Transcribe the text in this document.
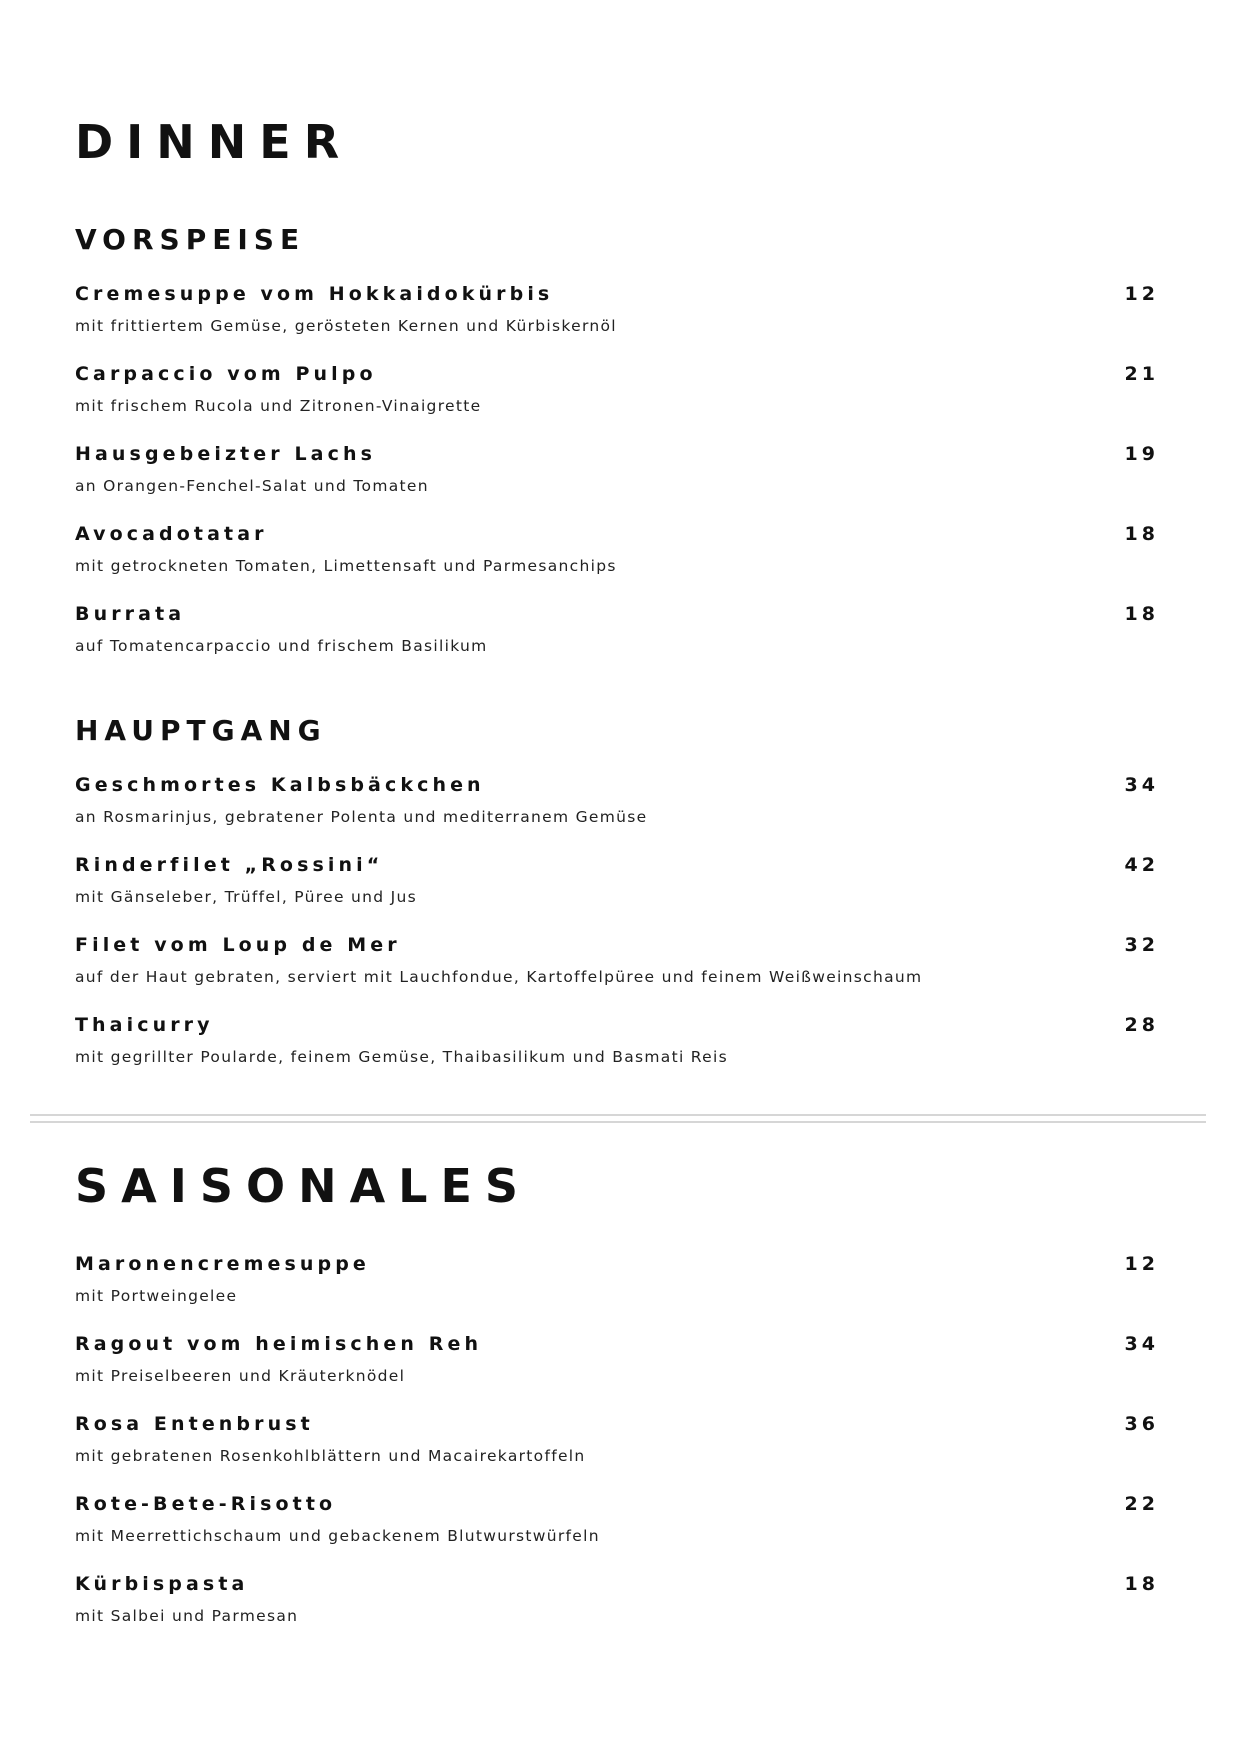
DINNER
VORSPEISE
Cremesuppe vom Hokkaidokürbis	12
mit frittiertem Gemüse, gerösteten Kernen und Kürbiskernöl
Carpaccio vom Pulpo	21
mit frischem Rucola und Zitronen-Vinaigrette
Hausgebeizter Lachs	19
an Orangen-Fenchel-Salat und Tomaten
Avocadotatar	18
mit getrockneten Tomaten, Limettensaft und Parmesanchips
Burrata	18
auf Tomatencarpaccio und frischem Basilikum
HAUPTGANG
Geschmortes Kalbsbäckchen	34
an Rosmarinjus, gebratener Polenta und mediterranem Gemüse
Rinderfilet „Rossini“	42
mit Gänseleber, Trüffel, Püree und Jus
Filet vom Loup de Mer	32
auf der Haut gebraten, serviert mit Lauchfondue, Kartoffelpüree und feinem Weißweinschaum
Thaicurry	28
mit gegrillter Poularde, feinem Gemüse, Thaibasilikum und Basmati Reis
SAISONALES
Maronencremesuppe	12
mit Portweingelee
Ragout vom heimischen Reh	34
mit Preiselbeeren und Kräuterknödel
Rosa Entenbrust	36
mit gebratenen Rosenkohlblättern und Macairekartoffeln
Rote-Bete-Risotto	22
mit Meerrettichschaum und gebackenem Blutwurstwürfeln
Kürbispasta	18
mit Salbei und Parmesan
